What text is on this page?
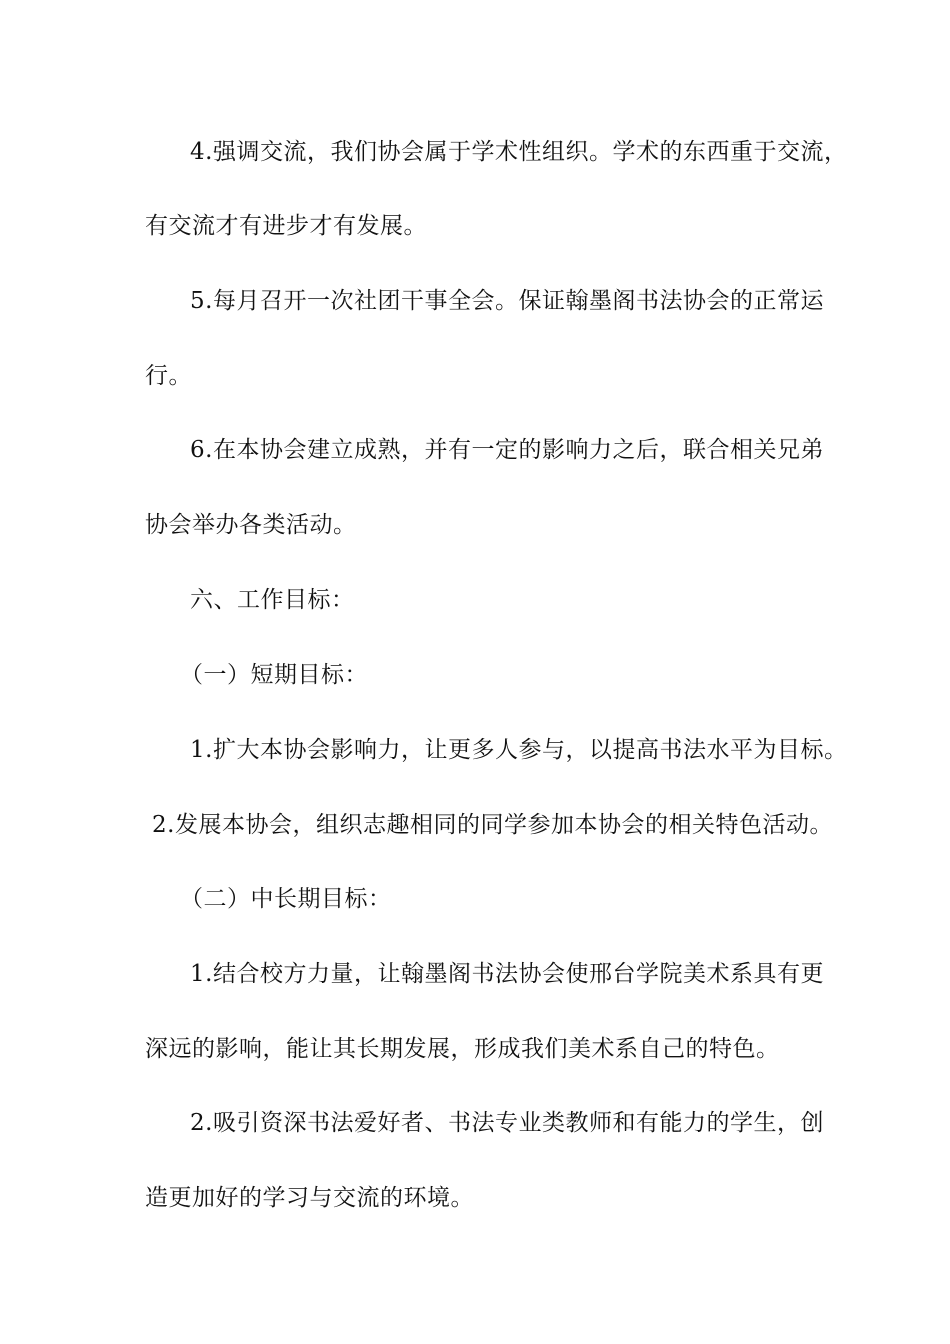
4.强调交流，我们协会属于学术性组织。学术的东西重于交流，
有交流才有进步才有发展。
5.每月召开一次社团干事全会。保证翰墨阁书法协会的正常运
行。
6.在本协会建立成熟，并有一定的影响力之后，联合相关兄弟
协会举办各类活动。
六、工作目标：
（一）短期目标：
1.扩大本协会影响力，让更多人参与，以提高书法水平为目标。
2.发展本协会，组织志趣相同的同学参加本协会的相关特色活动。
（二）中长期目标：
1.结合校方力量，让翰墨阁书法协会使邢台学院美术系具有更
深远的影响，能让其长期发展，形成我们美术系自己的特色。
2.吸引资深书法爱好者、书法专业类教师和有能力的学生，创
造更加好的学习与交流的环境。
